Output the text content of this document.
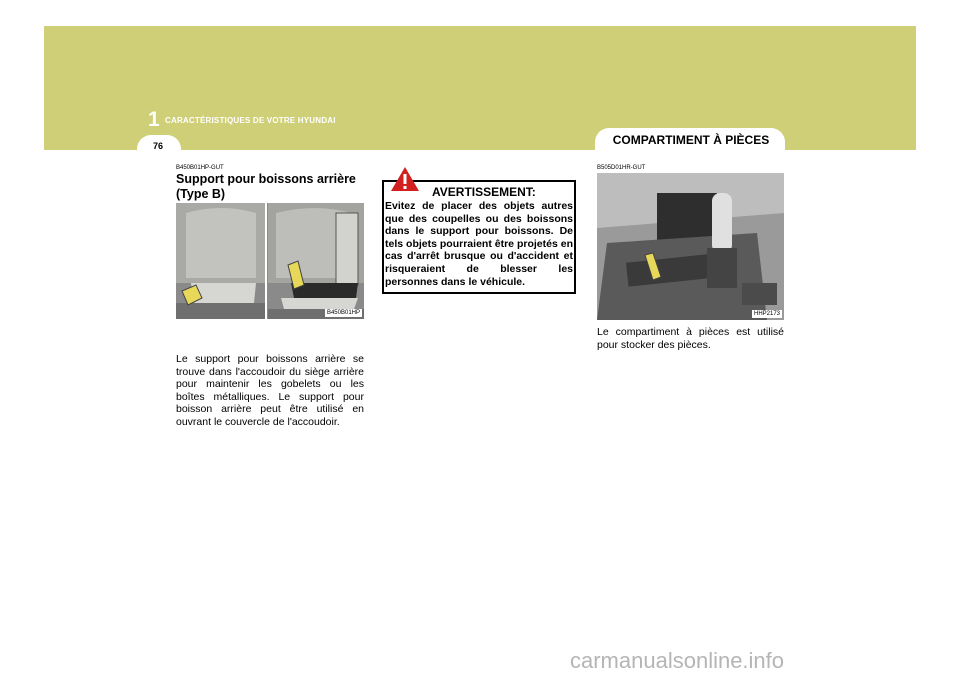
1 CARACTÉRISTIQUES DE VOTRE HYUNDAI
76	COMPARTIMENT À PIÈCES
B450B01HP-GUT
Support pour boissons arrière (Type B)
B450B01HP
Le support pour boissons arrière se trouve dans l'accoudoir du siège arrière pour maintenir les gobelets ou les boîtes métalliques. Le support pour boisson arrière peut être utilisé en ouvrant le couvercle de l'accoudoir.
AVERTISSEMENT:
Evitez de placer des objets autres que des coupelles ou des boissons dans le support pour boissons. De tels objets pourraient être projetés en cas d'arrêt brusque ou d'accident et risqueraient de blesser les personnes dans le véhicule.
B505D01HR-GUT
HHP2173
Le compartiment à pièces est utilisé pour stocker des pièces.
carmanualsonline.info
